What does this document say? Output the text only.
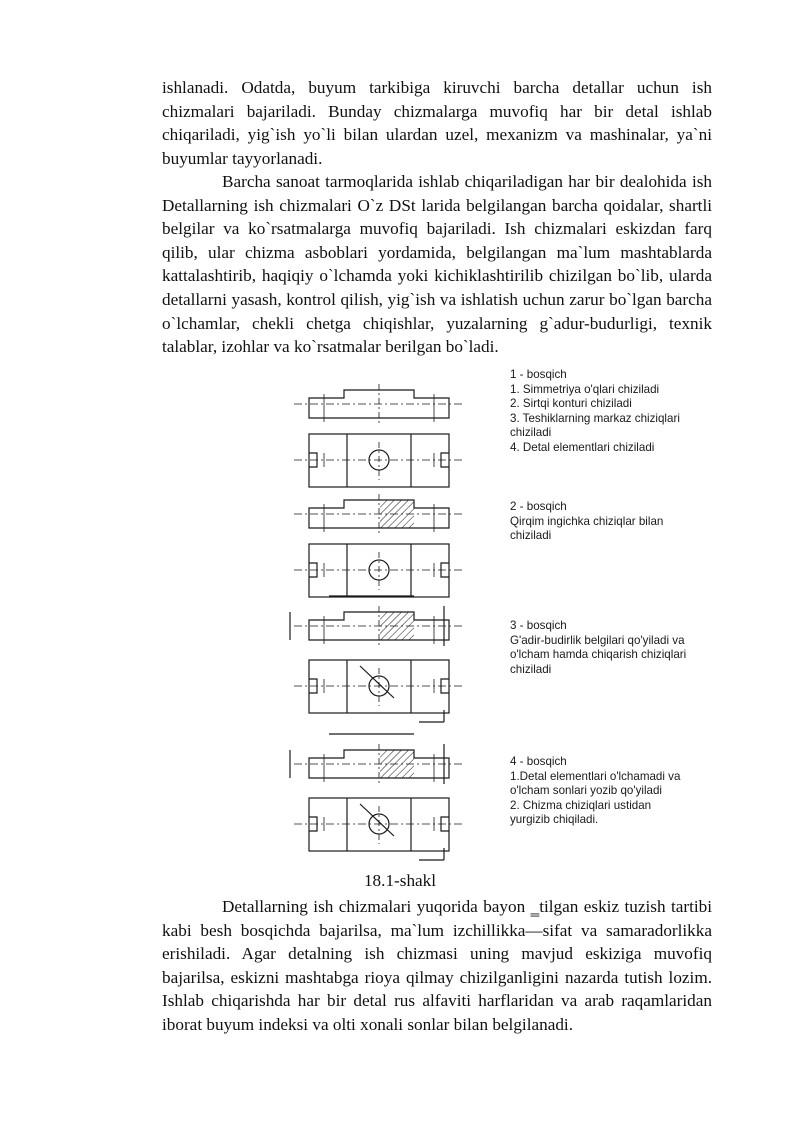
ishlanadi. Odatda, buyum tarkibiga kiruvchi barcha detallar uchun ish chizmalari bajariladi. Bunday chizmalarga muvofiq har bir detal ishlab chiqariladi, yig`ish yo`li bilan ulardan uzel, mexanizm va mashinalar, ya`ni buyumlar tayyorlanadi.

Barcha sanoat tarmoqlarida ishlab chiqariladigan har bir dealohida ish Detallarning ish chizmalari O`z DSt larida belgilangan barcha qoidalar, shartli belgilar va ko`rsatmalarga muvofiq bajariladi. Ish chizmalari eskizdan farq qilib, ular chizma asboblari yordamida, belgilangan ma`lum mashtablarda kattalashtirib, haqiqiy o`lchamda yoki kichiklashtirilib chizilgan bo`lib, ularda detallarni yasash, kontrol qilish, yig`ish va ishlatish uchun zarur bo`lgan barcha o`lchamlar, chekli chetga chiqishlar, yuzalarning g`adur-budurligi, texnik talablar, izohlar va ko`rsatmalar berilgan bo`ladi.

1 - bosqich
1. Simmetriya o'qlari chiziladi
2. Sirtqi konturi chiziladi
3. Teshiklarning markaz chiziqlari
chiziladi
4. Detal elementlari chiziladi
2 - bosqich
Qirqim ingichka chiziqlar bilan
chiziladi
3 - bosqich
G'adir-budirlik belgilari qo'yiladi va
o'lcham hamda chiqarish chiziqlari
chiziladi
4 - bosqich
1.Detal elementlari o'lchamadi va
o'lcham sonlari yozib qo'yiladi
2. Chizma chiziqlari ustidan
yurgizib chiqiladi.
18.1-shakl

Detallarning ish chizmalari yuqorida bayon ‗tilgan eskiz tuzish tartibi kabi besh bosqichda bajarilsa, ma`lum izchillikka—sifat va samaradorlikka erishiladi. Agar detalning ish chizmasi uning mavjud eskiziga muvofiq bajarilsa, eskizni mashtabga rioya qilmay chizilganligini nazarda tutish lozim. Ishlab chiqarishda har bir detal rus alfaviti harflaridan va arab raqamlaridan iborat buyum indeksi va olti xonali sonlar bilan belgilanadi.
